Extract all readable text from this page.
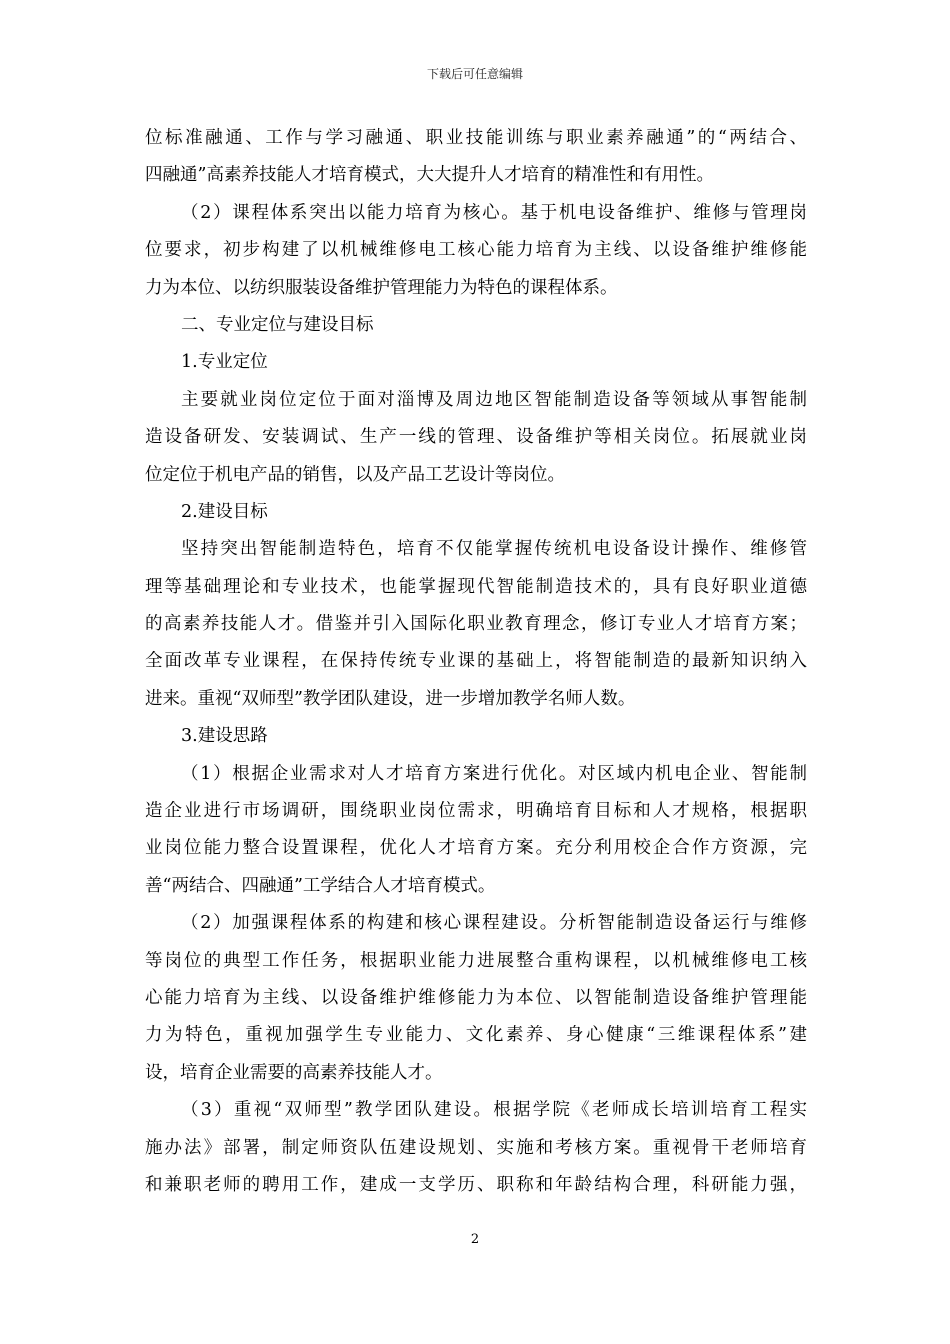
下载后可任意编辑
位标准融通、工作与学习融通、职业技能训练与职业素养融通”的“两结合、
四融通”高素养技能人才培育模式，大大提升人才培育的精准性和有用性。
（2）课程体系突出以能力培育为核心。基于机电设备维护、维修与管理岗
位要求，初步构建了以机械维修电工核心能力培育为主线、以设备维护维修能
力为本位、以纺织服装设备维护管理能力为特色的课程体系。
二、专业定位与建设目标
1.专业定位
主要就业岗位定位于面对淄博及周边地区智能制造设备等领域从事智能制
造设备研发、安装调试、生产一线的管理、设备维护等相关岗位。拓展就业岗
位定位于机电产品的销售，以及产品工艺设计等岗位。
2.建设目标
坚持突出智能制造特色，培育不仅能掌握传统机电设备设计操作、维修管
理等基础理论和专业技术，也能掌握现代智能制造技术的，具有良好职业道德
的高素养技能人才。借鉴并引入国际化职业教育理念，修订专业人才培育方案；
全面改革专业课程，在保持传统专业课的基础上，将智能制造的最新知识纳入
进来。重视“双师型”教学团队建设，进一步增加教学名师人数。
3.建设思路
（1）根据企业需求对人才培育方案进行优化。对区域内机电企业、智能制
造企业进行市场调研，围绕职业岗位需求，明确培育目标和人才规格，根据职
业岗位能力整合设置课程，优化人才培育方案。充分利用校企合作方资源，完
善“两结合、四融通”工学结合人才培育模式。
（2）加强课程体系的构建和核心课程建设。分析智能制造设备运行与维修
等岗位的典型工作任务，根据职业能力进展整合重构课程，以机械维修电工核
心能力培育为主线、以设备维护维修能力为本位、以智能制造设备维护管理能
力为特色，重视加强学生专业能力、文化素养、身心健康“三维课程体系”建
设，培育企业需要的高素养技能人才。
（3）重视“双师型”教学团队建设。根据学院《老师成长培训培育工程实
施办法》部署，制定师资队伍建设规划、实施和考核方案。重视骨干老师培育
和兼职老师的聘用工作，建成一支学历、职称和年龄结构合理，科研能力强，
2
